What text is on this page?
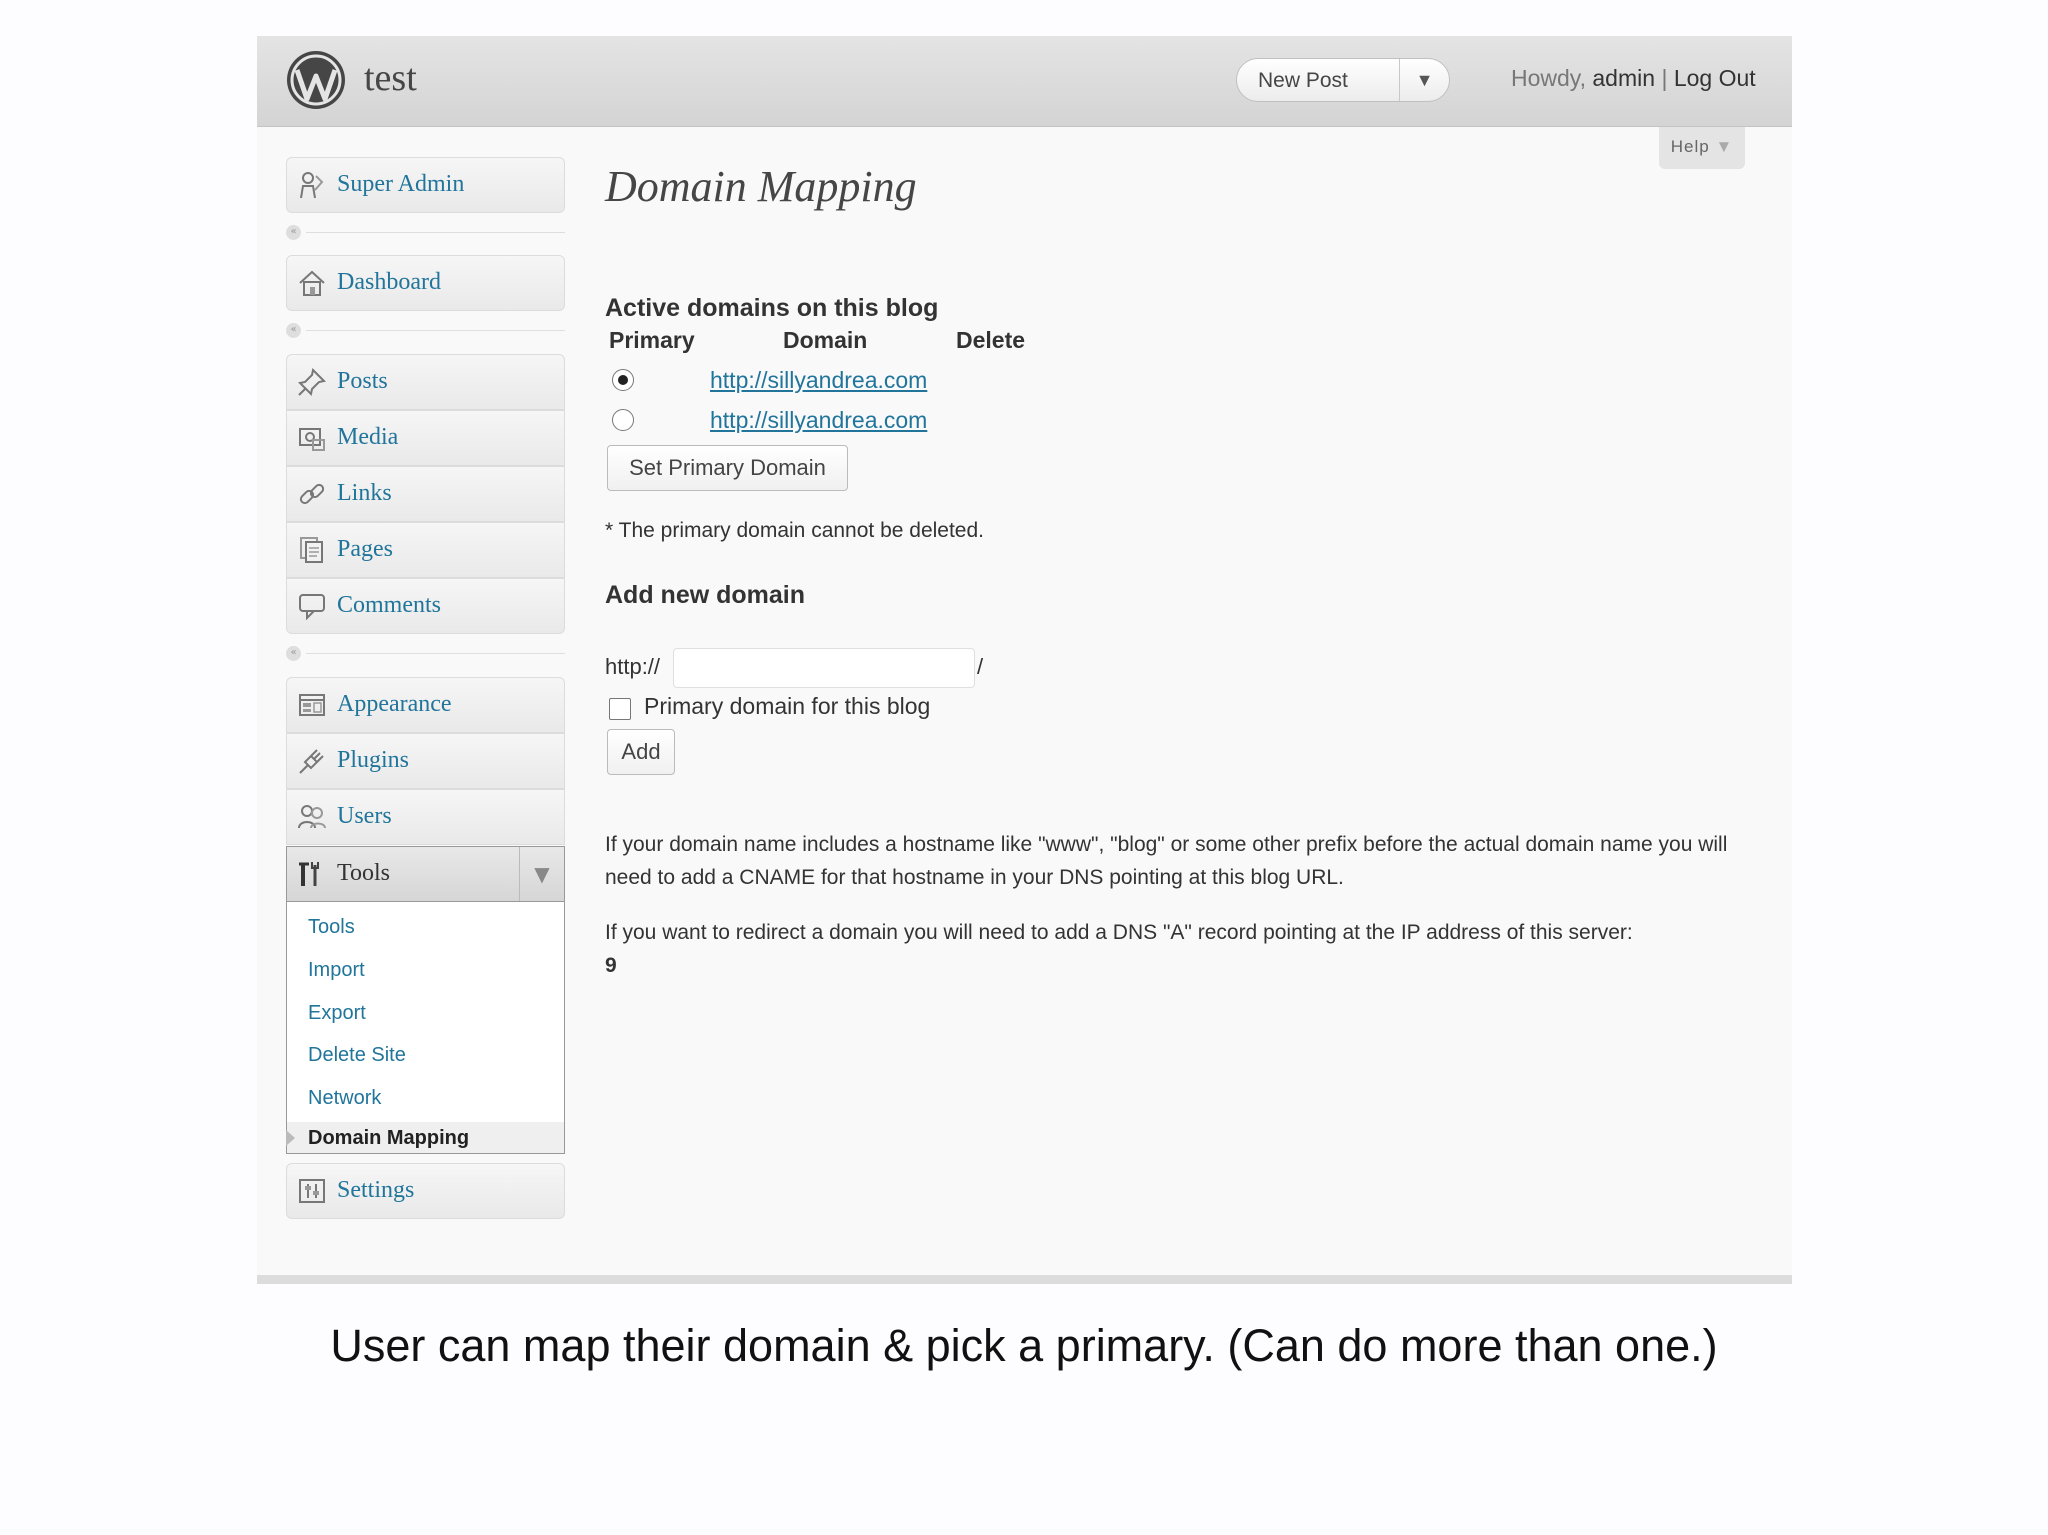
test	New Post	▼	Howdy, admin | Log Out
Help ▼
Super Admin
«
Dashboard
«
Posts
Media
Links
Pages
Comments
«
Appearance
Plugins
Users
Tools	▼
Tools
Import
Export
Delete Site
Network
Domain Mapping
Settings
Domain Mapping
Active domains on this blog
Primary	Domain	Delete
http://sillyandrea.com
http://sillyandrea.com
Set Primary Domain
* The primary domain cannot be deleted.
Add new domain
http://	/
Primary domain for this blog
Add

If your domain name includes a hostname like "www", "blog" or some other prefix before the actual domain name you will need to add a CNAME for that hostname in your DNS pointing at this blog URL.

If you want to redirect a domain you will need to add a DNS "A" record pointing at the IP address of this server:
9

User can map their domain & pick a primary. (Can do more than one.)
